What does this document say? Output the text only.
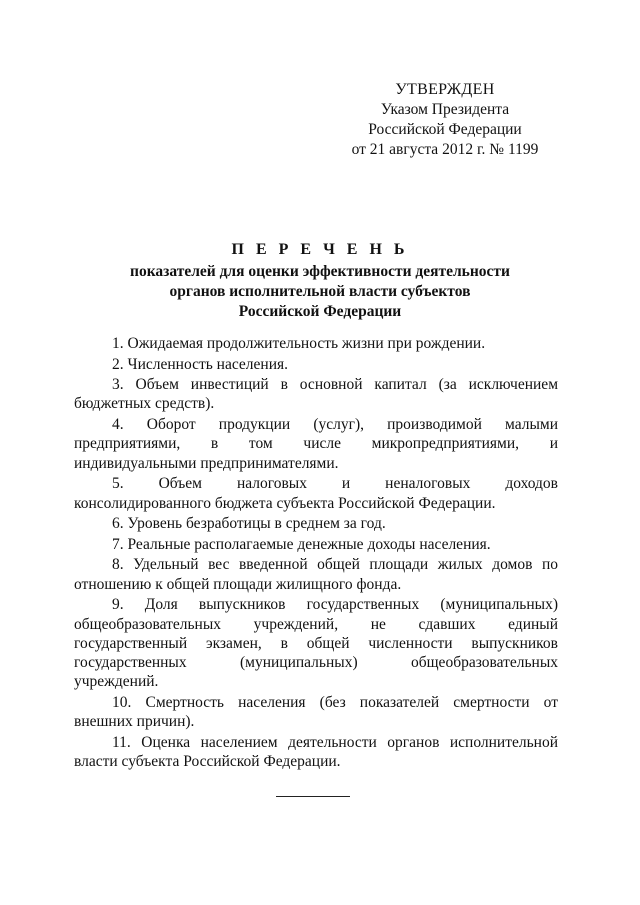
УТВЕРЖДЕН
Указом Президента
Российской Федерации
от 21 августа 2012 г. № 1199
П Е Р Е Ч Е Н Ь
показателей для оценки эффективности деятельности
органов исполнительной власти субъектов
Российской Федерации
1. Ожидаемая продолжительность жизни при рождении.
2. Численность населения.
3. Объем инвестиций в основной капитал (за исключением
бюджетных средств).
4. Оборот продукции (услуг), производимой малыми
предприятиями, в том числе микропредприятиями, и
индивидуальными предпринимателями.
5. Объем налоговых и неналоговых доходов
консолидированного бюджета субъекта Российской Федерации.
6. Уровень безработицы в среднем за год.
7. Реальные располагаемые денежные доходы населения.
8. Удельный вес введенной общей площади жилых домов по
отношению к общей площади жилищного фонда.
9. Доля выпускников государственных (муниципальных)
общеобразовательных учреждений, не сдавших единый
государственный экзамен, в общей численности выпускников
государственных (муниципальных) общеобразовательных
учреждений.
10. Смертность населения (без показателей смертности от
внешних причин).
11. Оценка населением деятельности органов исполнительной
власти субъекта Российской Федерации.
